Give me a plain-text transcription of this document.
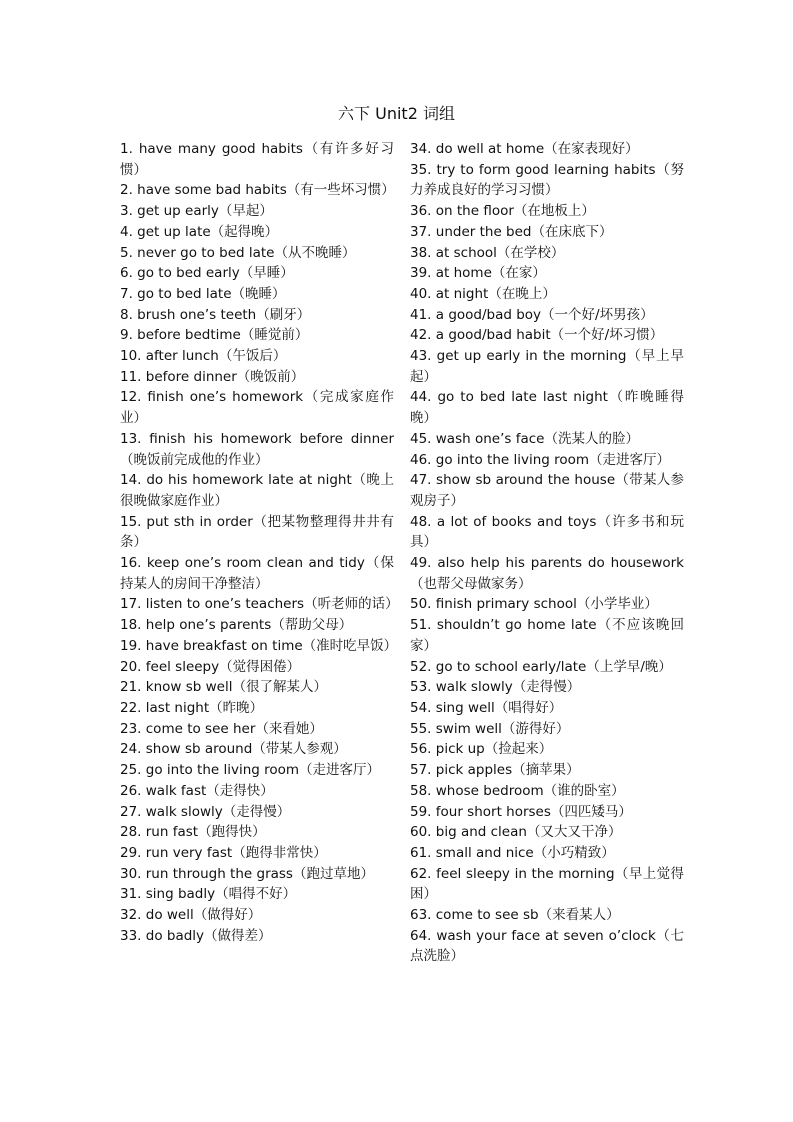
六下 Unit2 词组

1. have many good habits（有许多好习惯）

2. have some bad habits（有一些坏习惯）

3. get up early（早起）

4. get up late（起得晚）

5. never go to bed late（从不晚睡）

6. go to bed early（早睡）

7. go to bed late（晚睡）

8. brush one’s teeth（刷牙）

9. before bedtime（睡觉前）

10. after lunch（午饭后）

11. before dinner（晚饭前）

12. finish one’s homework（完成家庭作业）

13. finish his homework before dinner（晚饭前完成他的作业）

14. do his homework late at night（晚上很晚做家庭作业）

15. put sth in order（把某物整理得井井有条）

16. keep one’s room clean and tidy（保持某人的房间干净整洁）

17. listen to one’s teachers（听老师的话）

18. help one’s parents（帮助父母）

19. have breakfast on time（准时吃早饭）

20. feel sleepy（觉得困倦）

21. know sb well（很了解某人）

22. last night（昨晚）

23. come to see her（来看她）

24. show sb around（带某人参观）

25. go into the living room（走进客厅）

26. walk fast（走得快）

27. walk slowly（走得慢）

28. run fast（跑得快）

29. run very fast（跑得非常快）

30. run through the grass（跑过草地）

31. sing badly（唱得不好）

32. do well（做得好）

33. do badly（做得差）

34. do well at home（在家表现好）

35. try to form good learning habits（努力养成良好的学习习惯）

36. on the floor（在地板上）

37. under the bed（在床底下）

38. at school（在学校）

39. at home（在家）

40. at night（在晚上）

41. a good/bad boy（一个好/坏男孩）

42. a good/bad habit（一个好/坏习惯）

43. get up early in the morning（早上早起）

44. go to bed late last night（昨晚睡得晚）

45. wash one’s face（洗某人的脸）

46. go into the living room（走进客厅）

47. show sb around the house（带某人参观房子）

48. a lot of books and toys（许多书和玩具）

49. also help his parents do housework（也帮父母做家务）

50. finish primary school（小学毕业）

51. shouldn’t go home late（不应该晚回家）

52. go to school early/late（上学早/晚）

53. walk slowly（走得慢）

54. sing well（唱得好）

55. swim well（游得好）

56. pick up（捡起来）

57. pick apples（摘苹果）

58. whose bedroom（谁的卧室）

59. four short horses（四匹矮马）

60. big and clean（又大又干净）

61. small and nice（小巧精致）

62. feel sleepy in the morning（早上觉得困）

63. come to see sb（来看某人）

64. wash your face at seven o’clock（七点洗脸）
